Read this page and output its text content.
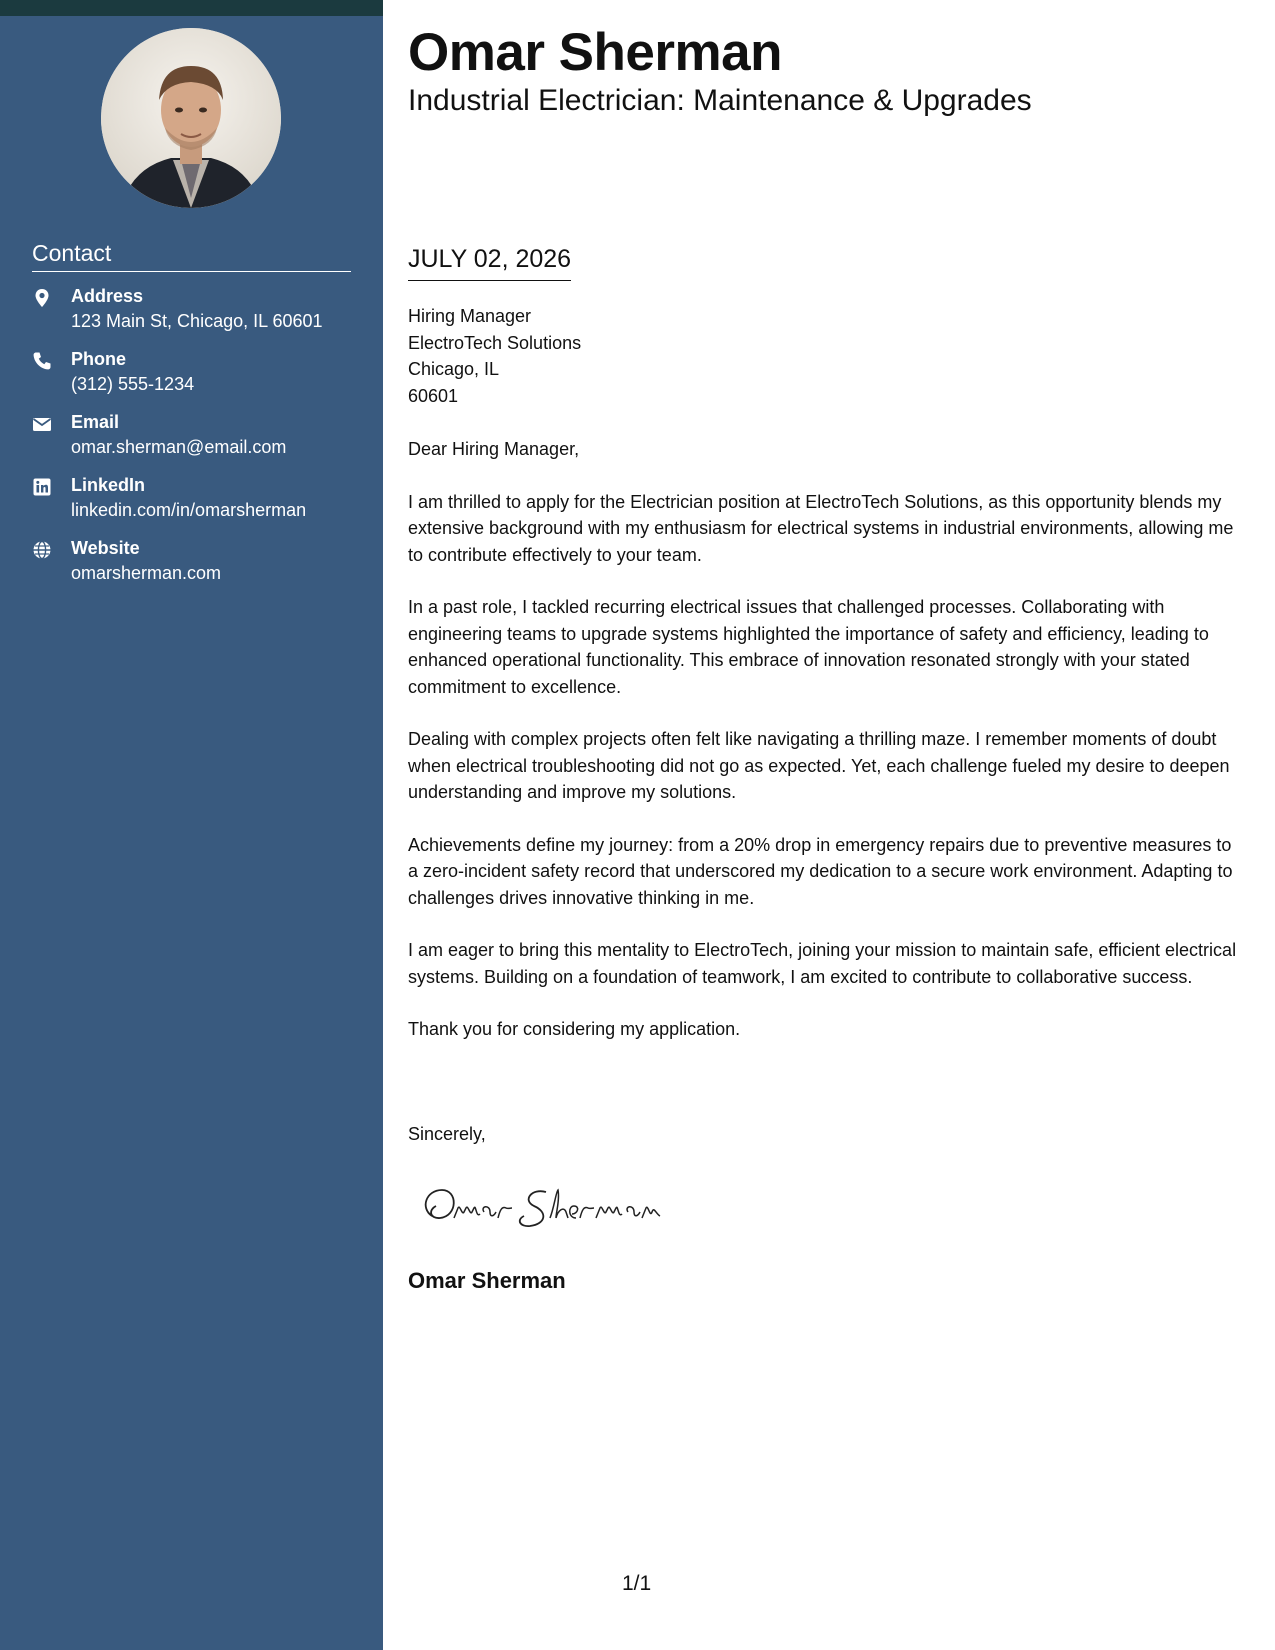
Contact
Address
123 Main St, Chicago, IL 60601
Phone
(312) 555-1234
Email
omar.sherman@email.com
LinkedIn
linkedin.com/in/omarsherman
Website
omarsherman.com
Omar Sherman
Industrial Electrician: Maintenance & Upgrades
JULY 02, 2026
Hiring Manager
ElectroTech Solutions
Chicago, IL
60601

Dear Hiring Manager,

I am thrilled to apply for the Electrician position at ElectroTech Solutions, as this opportunity blends my extensive background with my enthusiasm for electrical systems in industrial environments, allowing me to contribute effectively to your team.

In a past role, I tackled recurring electrical issues that challenged processes. Collaborating with engineering teams to upgrade systems highlighted the importance of safety and efficiency, leading to enhanced operational functionality. This embrace of innovation resonated strongly with your stated commitment to excellence.

Dealing with complex projects often felt like navigating a thrilling maze. I remember moments of doubt when electrical troubleshooting did not go as expected. Yet, each challenge fueled my desire to deepen understanding and improve my solutions.

Achievements define my journey: from a 20% drop in emergency repairs due to preventive measures to a zero-incident safety record that underscored my dedication to a secure work environment. Adapting to challenges drives innovative thinking in me.

I am eager to bring this mentality to ElectroTech, joining your mission to maintain safe, efficient electrical systems. Building on a foundation of teamwork, I am excited to contribute to collaborative success.

Thank you for considering my application.

Sincerely,
Omar Sherman
1/1
